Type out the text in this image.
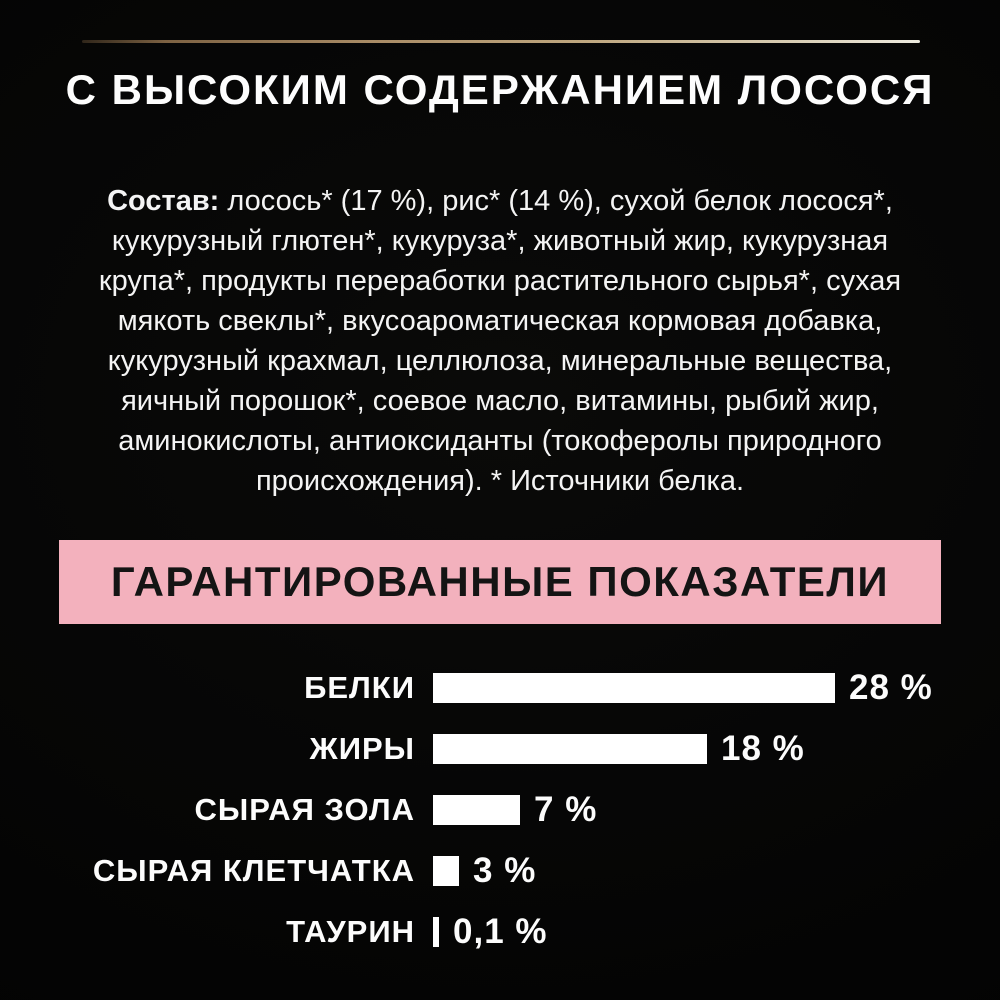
С ВЫСОКИМ СОДЕРЖАНИЕМ ЛОСОСЯ
Состав: лосось* (17 %), рис* (14 %), сухой белок лосося*,
кукурузный глютен*, кукуруза*, животный жир, кукурузная
крупа*, продукты переработки растительного сырья*, сухая
мякоть свеклы*, вкусоароматическая кормовая добавка,
кукурузный крахмал, целлюлоза, минеральные вещества,
яичный порошок*, соевое масло, витамины, рыбий жир,
аминокислоты, антиоксиданты (токоферолы природного
происхождения). * Источники белка.
ГАРАНТИРОВАННЫЕ ПОКАЗАТЕЛИ
БЕЛКИ	28 %
ЖИРЫ	18 %
СЫРАЯ ЗОЛА	7 %
СЫРАЯ КЛЕТЧАТКА	3 %
ТАУРИН	0,1 %
